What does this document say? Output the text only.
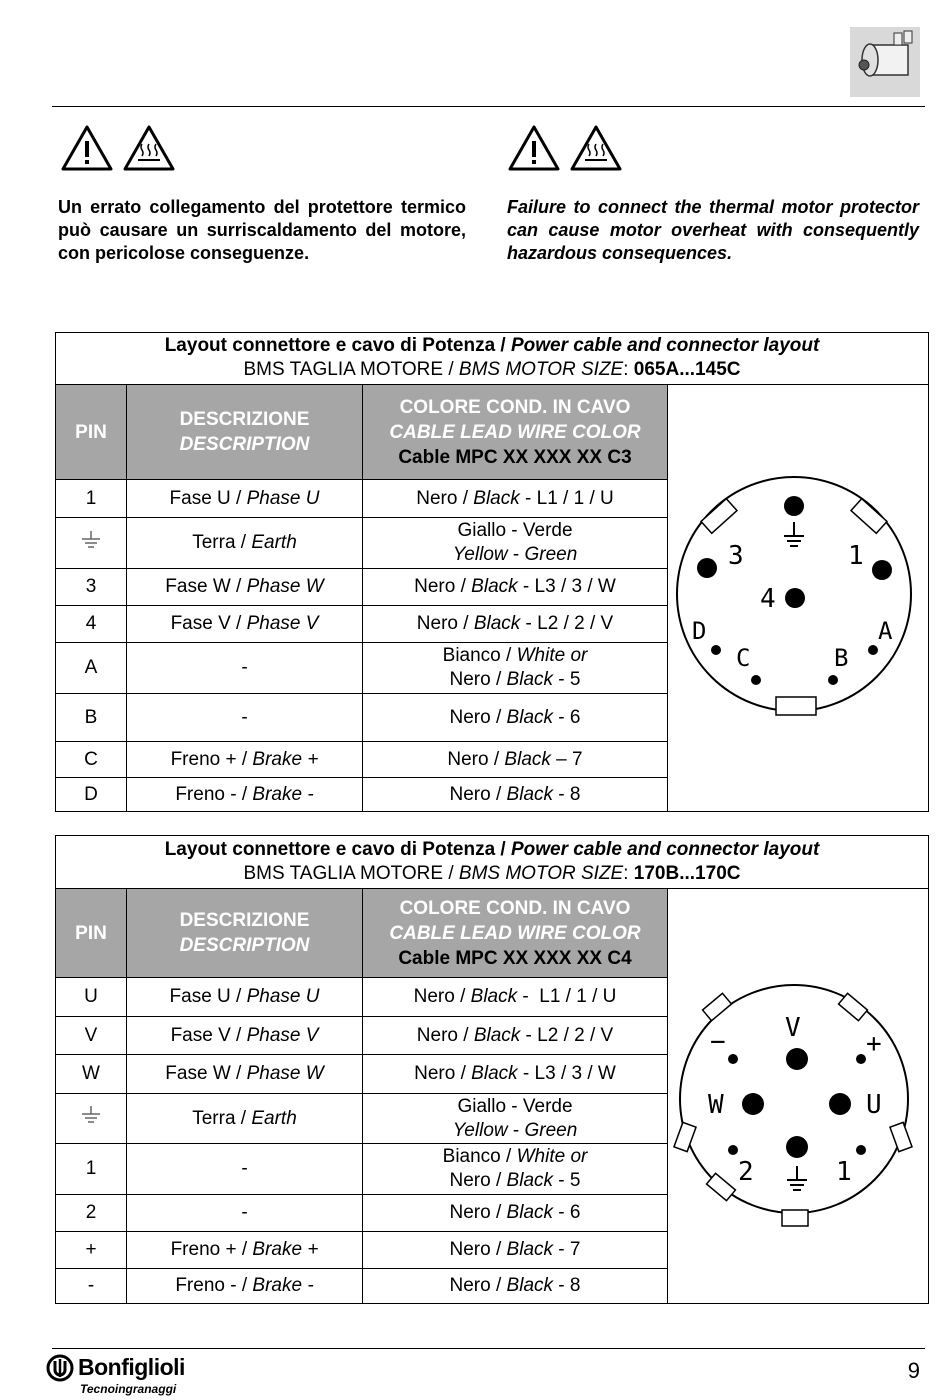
Un errato collegamento del protettore termico può causare un surriscaldamento del motore, con pericolose conseguenze.
Failure to connect the thermal motor protector can cause motor overheat with consequently hazardous consequences.
Layout connettore e cavo di Potenza / Power cable and connector layout
BMS TAGLIA MOTORE / BMS MOTOR SIZE: 065A...145C			

PIN	DESCRIZIONE
DESCRIPTION	COLORE COND. IN CAVO
CABLE LEAD WIRE COLOR
Cable MPC XX XXX XX C3

1	Fase U / Phase U	Nero / Black - L1 / 1 / U	
	Terra / Earth	Giallo - Verde
Yellow - Green	
3	Fase W / Phase W	Nero / Black - L3 / 3 / W	
4	Fase V / Phase V	Nero / Black - L2 / 2 / V	
A	-	Bianco / White or
Nero / Black - 5	
B	-	Nero / Black - 6	
C	Freno + / Brake +	Nero / Black – 7	
D	Freno - / Brake -	Nero / Black - 8	
3	1
4
D
C	B
A
Layout connettore e cavo di Potenza / Power cable and connector layout
BMS TAGLIA MOTORE / BMS MOTOR SIZE: 170B...170C			

PIN	DESCRIZIONE
DESCRIPTION	COLORE COND. IN CAVO
CABLE LEAD WIRE COLOR
Cable MPC XX XXX XX C4	

U	Fase U / Phase U	Nero / Black -  L1 / 1 / U	
V	Fase V / Phase V	Nero / Black - L2 / 2 / V	
W	Fase W / Phase W	Nero / Black - L3 / 3 / W	
	Terra / Earth	Giallo - Verde
Yellow - Green	
1	-	Bianco / White or
Nero / Black - 5	
2	-	Nero / Black - 6	
+	Freno + / Brake +	Nero / Black - 7	
-	Freno - / Brake -	Nero / Black - 8	
V
−	+
W	U
2	1
Bonfiglioli
Tecnoingranaggi
9
